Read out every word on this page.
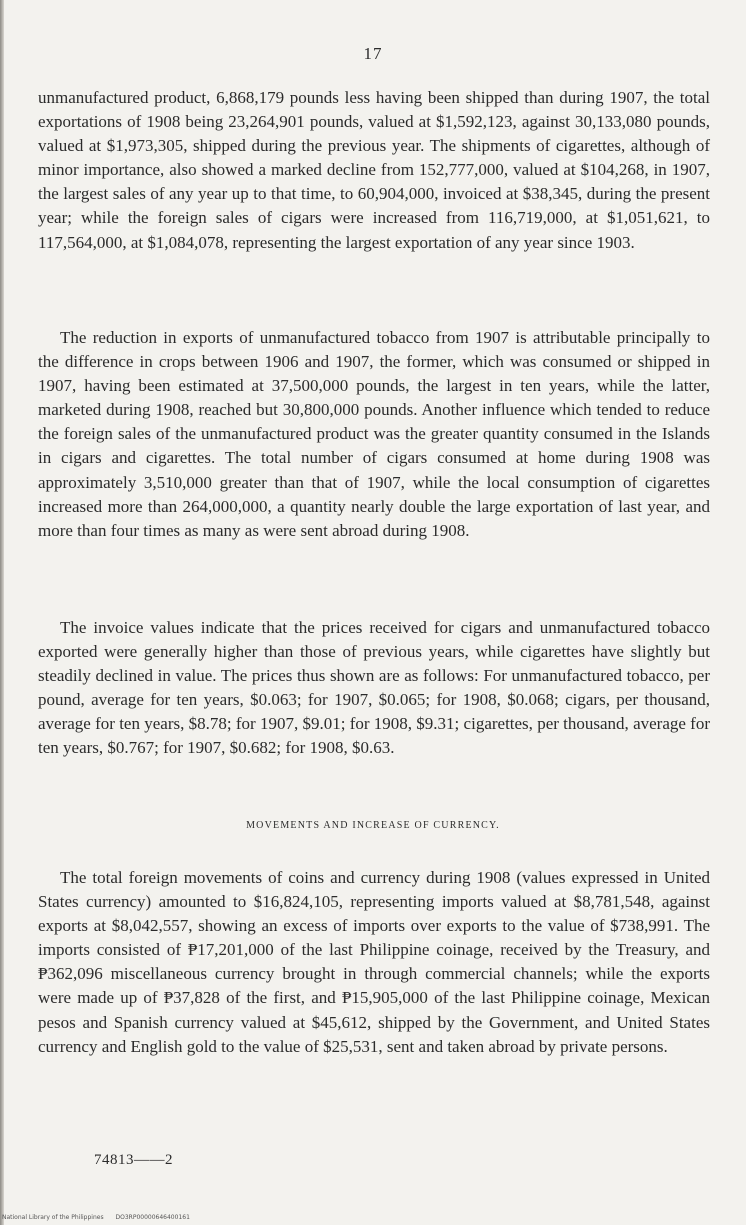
17

unmanufactured product, 6,868,179 pounds less having been shipped than during 1907, the total exportations of 1908 being 23,264,901 pounds, valued at $1,592,123, against 30,133,080 pounds, valued at $1,973,305, shipped during the previous year. The shipments of cigarettes, although of minor importance, also showed a marked decline from 152,777,000, valued at $104,268, in 1907, the largest sales of any year up to that time, to 60,904,000, invoiced at $38,345, during the present year; while the foreign sales of cigars were increased from 116,719,000, at $1,051,621, to 117,564,000, at $1,084,078, representing the largest exportation of any year since 1903.

The reduction in exports of unmanufactured tobacco from 1907 is attributable principally to the difference in crops between 1906 and 1907, the former, which was consumed or shipped in 1907, having been estimated at 37,500,000 pounds, the largest in ten years, while the latter, marketed during 1908, reached but 30,800,000 pounds. Another influence which tended to reduce the foreign sales of the unmanufactured product was the greater quantity consumed in the Islands in cigars and cigarettes. The total number of cigars consumed at home during 1908 was approximately 3,510,000 greater than that of 1907, while the local consumption of cigarettes increased more than 264,000,000, a quantity nearly double the large exportation of last year, and more than four times as many as were sent abroad during 1908.

The invoice values indicate that the prices received for cigars and unmanufactured tobacco exported were generally higher than those of previous years, while cigarettes have slightly but steadily declined in value. The prices thus shown are as follows: For unmanufactured tobacco, per pound, average for ten years, $0.063; for 1907, $0.065; for 1908, $0.068; cigars, per thousand, average for ten years, $8.78; for 1907, $9.01; for 1908, $9.31; cigarettes, per thousand, average for ten years, $0.767; for 1907, $0.682; for 1908, $0.63.

MOVEMENTS AND INCREASE OF CURRENCY.

The total foreign movements of coins and currency during 1908 (values expressed in United States currency) amounted to $16,824,105, representing imports valued at $8,781,548, against exports at $8,042,557, showing an excess of imports over exports to the value of $738,991. The imports consisted of ₱17,201,000 of the last Philippine coinage, received by the Treasury, and ₱362,096 miscellaneous currency brought in through commercial channels; while the exports were made up of ₱37,828 of the first, and ₱15,905,000 of the last Philippine coinage, Mexican pesos and Spanish currency valued at $45,612, shipped by the Government, and United States currency and English gold to the value of $25,531, sent and taken abroad by private persons.

74813——2
National Library of the Philippines DO3RP00000646400161
